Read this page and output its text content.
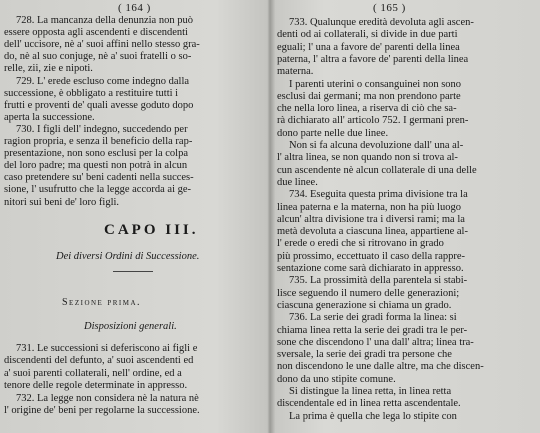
( 164 )
728. La mancanza della denunzia non può
essere opposta agli ascendenti e discendenti
dell' uccisore, nè a' suoi affini nello stesso gra-
do, nè al suo conjuge, nè a' suoi fratelli o so-
relle, zii, zie e nipoti.
729. L' erede escluso come indegno dalla
successione, è obbligato a restituire tutti i
frutti e proventi de' quali avesse goduto dopo
aperta la successione.
730. I figli dell' indegno, succedendo per
ragion propria, e senza il beneficio della rap-
presentazione, non sono esclusi per la colpa
del loro padre; ma questi non potrà in alcun
caso pretendere su' beni cadenti nella succes-
sione, l' usufrutto che la legge accorda ai ge-
nitori sui beni de' loro figli.
CAPO III.
Dei diversi Ordini di Successione.
Sezione prima.
Disposizioni generali.
731. Le successioni si deferiscono ai figli e
discendenti del defunto, a' suoi ascendenti ed
a' suoi parenti collaterali, nell' ordine, ed a
tenore delle regole determinate in appresso.
732. La legge non considera nè la natura nè
l' origine de' beni per regolarne la successione.
( 165 )
733. Qualunque eredità devoluta agli ascen-
denti od ai collaterali, si divide in due parti
eguali; l' una a favore de' parenti della linea
paterna, l' altra a favore de' parenti della linea
materna.
I parenti uterini o consanguinei non sono
esclusi dai germani; ma non prendono parte
che nella loro linea, a riserva di ciò che sa-
rà dichiarato all' articolo 752. I germani pren-
dono parte nelle due linee.
Non si fa alcuna devoluzione dall' una al-
l' altra linea, se non quando non si trova al-
cun ascendente nè alcun collaterale di una delle
due linee.
734. Eseguita questa prima divisione tra la
linea paterna e la materna, non ha più luogo
alcun' altra divisione tra i diversi rami; ma la
metà devoluta a ciascuna linea, appartiene al-
l' erede o eredi che si ritrovano in grado
più prossimo, eccettuato il caso della rappre-
sentazione come sarà dichiarato in appresso.
735. La prossimità della parentela si stabi-
lisce seguendo il numero delle generazioni;
ciascuna generazione si chiama un grado.
736. La serie dei gradi forma la linea: si
chiama linea retta la serie dei gradi tra le per-
sone che discendono l' una dall' altra; linea tra-
sversale, la serie dei gradi tra persone che
non discendono le une dalle altre, ma che discen-
dono da uno stipite comune.
Si distingue la linea retta, in linea retta
discendentale ed in linea retta ascendentale.
La prima è quella che lega lo stipite con
